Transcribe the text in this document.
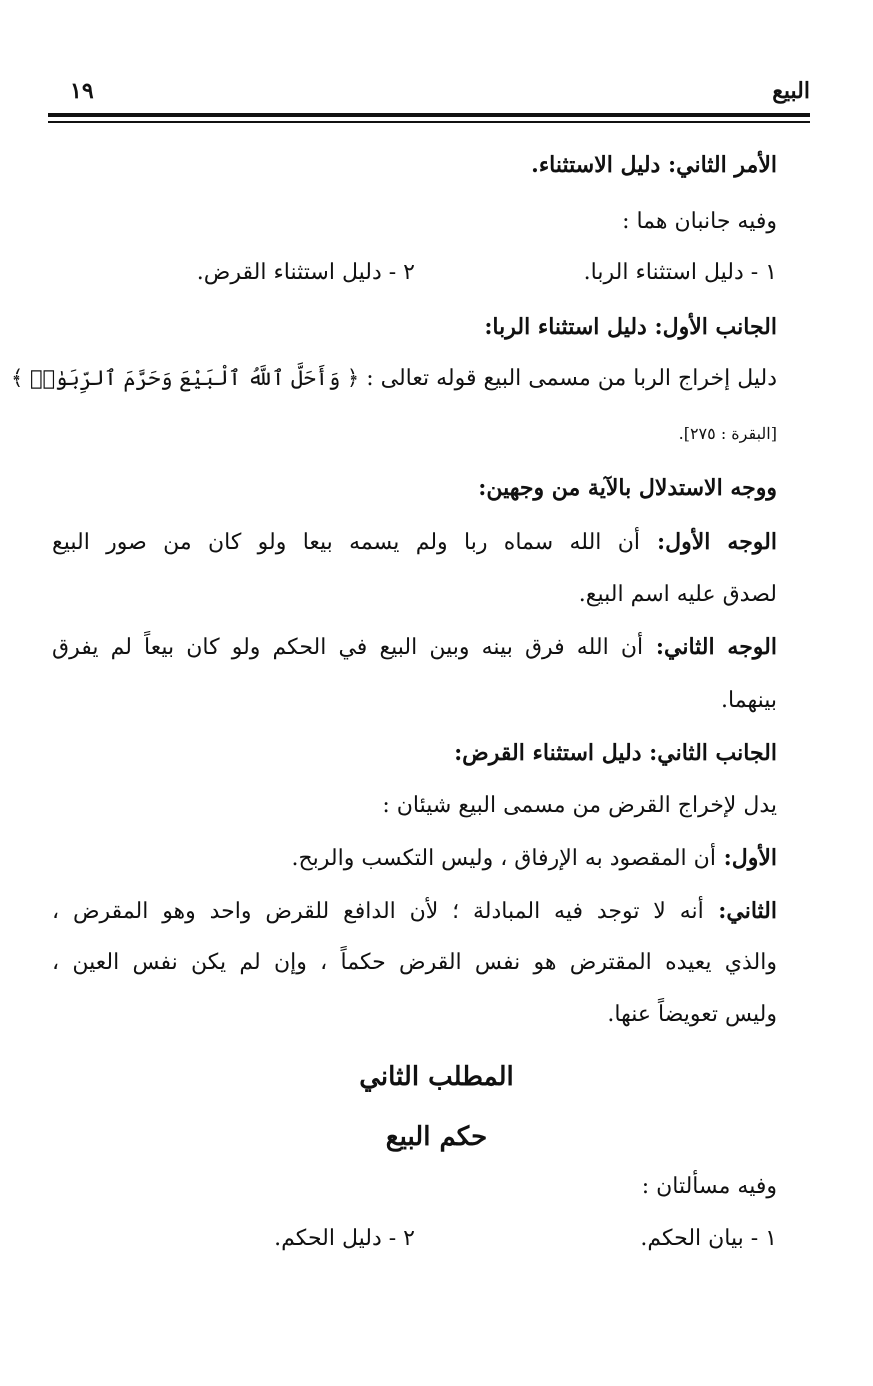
البيع
١٩
الأمر الثاني: دليل الاستثناء.
وفيه جانبان هما :
١ - دليل استثناء الربا.
٢ - دليل استثناء القرض.
الجانب الأول: دليل استثناء الربا:
دليل إخراج الربا من مسمى البيع قوله تعالى : ﴿ وَأَحَلَّ ٱللَّهُ ٱلْبَيْعَ وَحَرَّمَ ٱلرِّبَوٰا۟ ﴾
[البقرة : ٢٧٥].
ووجه الاستدلال بالآية من وجهين:
الوجه الأول: أن الله سماه ربا ولم يسمه بيعا ولو كان من صور البيع
لصدق عليه اسم البيع.
الوجه الثاني: أن الله فرق بينه وبين البيع في الحكم ولو كان بيعاً لم يفرق
بينهما.
الجانب الثاني: دليل استثناء القرض:
يدل لإخراج القرض من مسمى البيع شيئان :
الأول: أن المقصود به الإرفاق ، وليس التكسب والربح.
الثاني: أنه لا توجد فيه المبادلة ؛ لأن الدافع للقرض واحد وهو المقرض ،
والذي يعيده المقترض هو نفس القرض حكماً ، وإن لم يكن نفس العين ،
وليس تعويضاً عنها.
المطلب الثاني
حكم البيع
وفيه مسألتان :
١ - بيان الحكم.
٢ - دليل الحكم.
